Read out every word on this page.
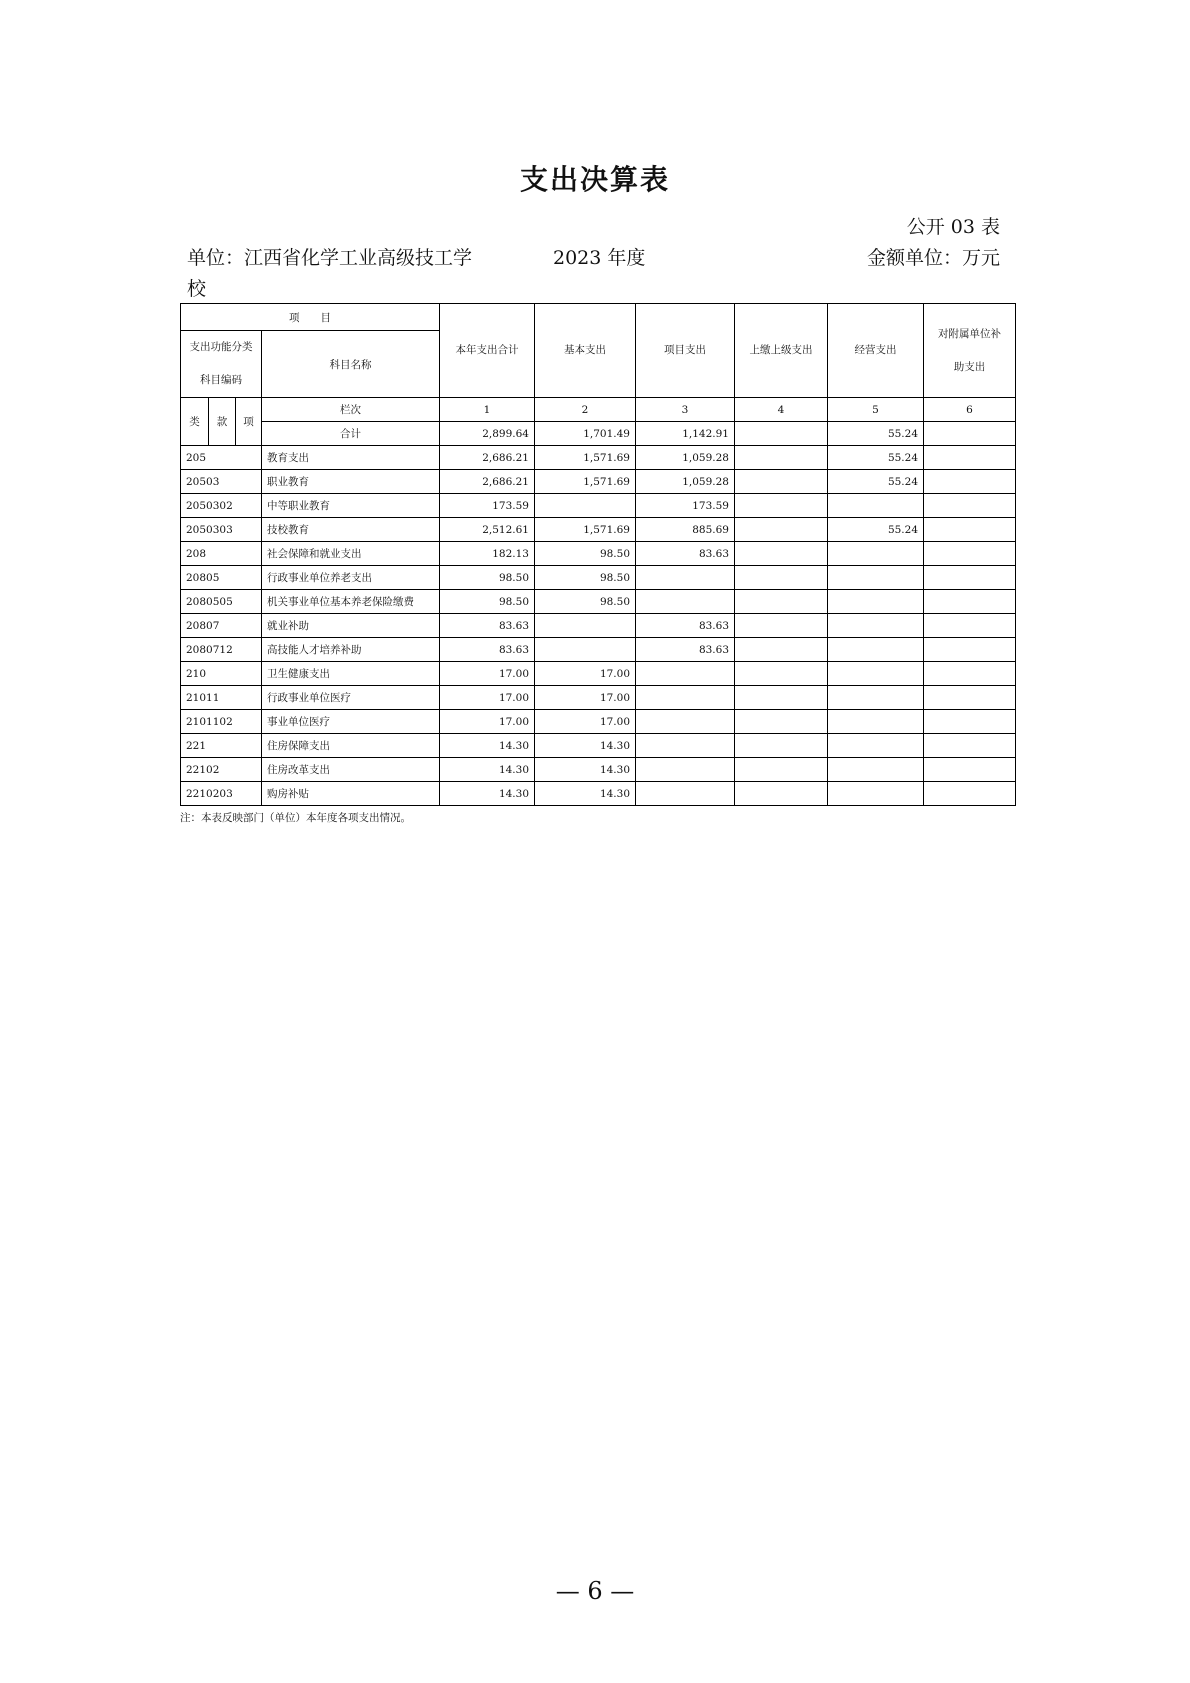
支出决算表
公开 03 表
单位：江西省化学工业高级技工学校
2023 年度	金额单位：万元
项　　目				本年支出合计	基本支出	项目支出	上缴上级支出	经营支出	对附属单位补
助支出

支出功能分类
科目编码			科目名称						
类	款	项	栏次	1	2	3	4	5	6
			合计	2,899.64	1,701.49	1,142.91		55.24	
205			教育支出	2,686.21	1,571.69	1,059.28		55.24	
20503			职业教育	2,686.21	1,571.69	1,059.28		55.24	
2050302			中等职业教育	173.59		173.59			
2050303			技校教育	2,512.61	1,571.69	885.69		55.24	
208			社会保障和就业支出	182.13	98.50	83.63			
20805			行政事业单位养老支出	98.50	98.50				
2080505			机关事业单位基本养老保险缴费	98.50	98.50				
20807			就业补助	83.63		83.63			
2080712			高技能人才培养补助	83.63		83.63			
210			卫生健康支出	17.00	17.00				
21011			行政事业单位医疗	17.00	17.00				
2101102			事业单位医疗	17.00	17.00				
221			住房保障支出	14.30	14.30				
22102			住房改革支出	14.30	14.30				
2210203			购房补贴	14.30	14.30				
注：本表反映部门（单位）本年度各项支出情况。
— 6 —
